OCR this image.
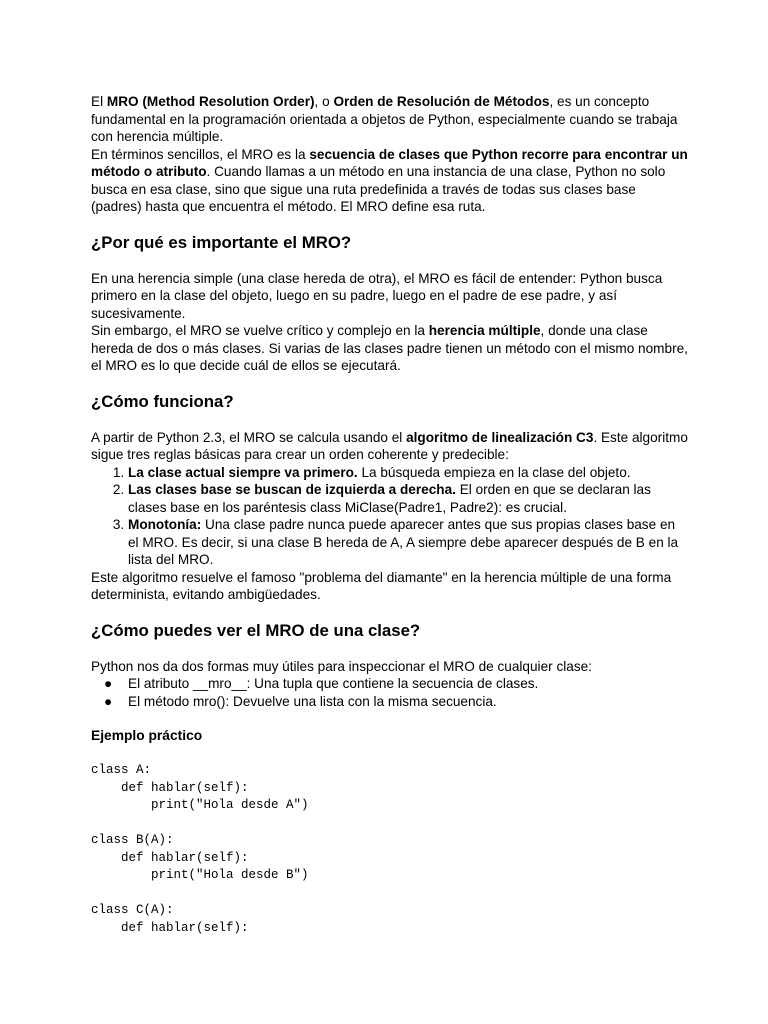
El MRO (Method Resolution Order), o Orden de Resolución de Métodos, es un concepto fundamental en la programación orientada a objetos de Python, especialmente cuando se trabaja con herencia múltiple.

En términos sencillos, el MRO es la secuencia de clases que Python recorre para encontrar un método o atributo. Cuando llamas a un método en una instancia de una clase, Python no solo busca en esa clase, sino que sigue una ruta predefinida a través de todas sus clases base (padres) hasta que encuentra el método. El MRO define esa ruta.

¿Por qué es importante el MRO?

En una herencia simple (una clase hereda de otra), el MRO es fácil de entender: Python busca primero en la clase del objeto, luego en su padre, luego en el padre de ese padre, y así sucesivamente.

Sin embargo, el MRO se vuelve crítico y complejo en la herencia múltiple, donde una clase hereda de dos o más clases. Si varias de las clases padre tienen un método con el mismo nombre, el MRO es lo que decide cuál de ellos se ejecutará.

¿Cómo funciona?

A partir de Python 2.3, el MRO se calcula usando el algoritmo de linealización C3. Este algoritmo sigue tres reglas básicas para crear un orden coherente y predecible:

1. La clase actual siempre va primero. La búsqueda empieza en la clase del objeto.
2. Las clases base se buscan de izquierda a derecha. El orden en que se declaran las clases base en los paréntesis class MiClase(Padre1, Padre2): es crucial.
3. Monotonía: Una clase padre nunca puede aparecer antes que sus propias clases base en el MRO. Es decir, si una clase B hereda de A, A siempre debe aparecer después de B en la lista del MRO.

Este algoritmo resuelve el famoso "problema del diamante" en la herencia múltiple de una forma determinista, evitando ambigüedades.

¿Cómo puedes ver el MRO de una clase?

Python nos da dos formas muy útiles para inspeccionar el MRO de cualquier clase:

● El atributo __mro__: Una tupla que contiene la secuencia de clases.
● El método mro(): Devuelve una lista con la misma secuencia.
Ejemplo práctico
class A:
def hablar(self):
print("Hola desde A")
class B(A):
def hablar(self):
print("Hola desde B")
class C(A):
def hablar(self):
